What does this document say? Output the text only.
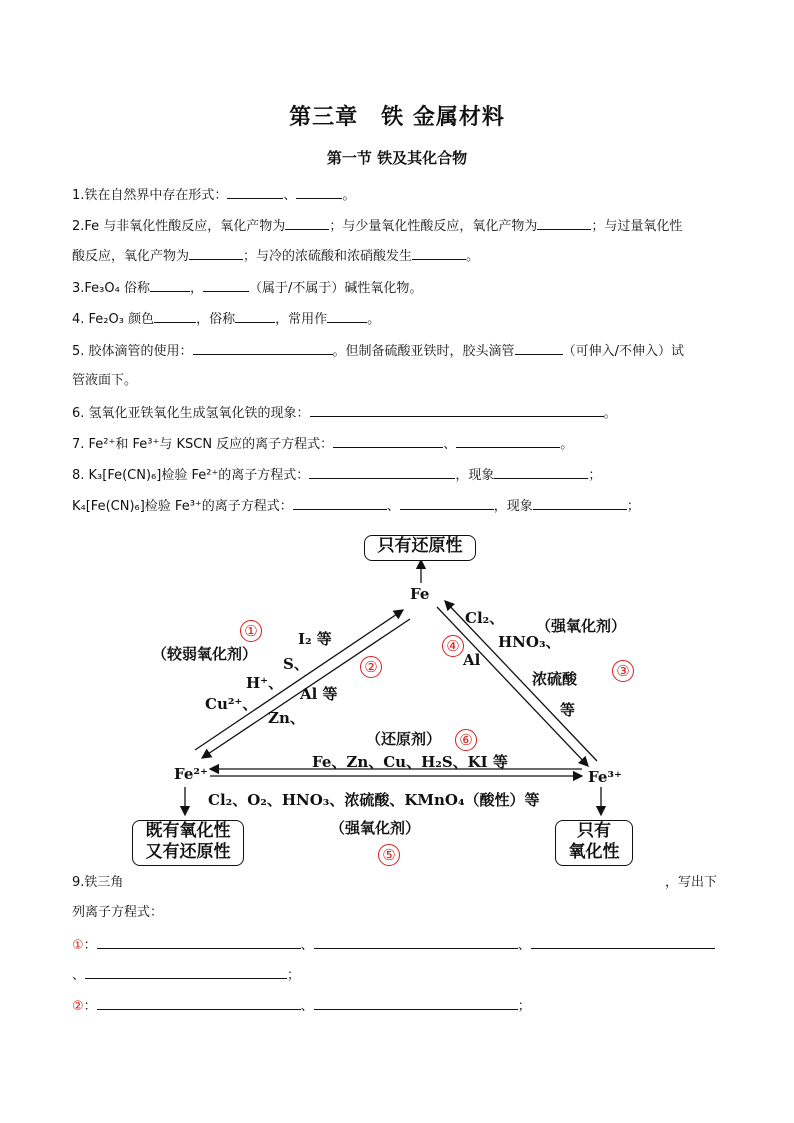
第三章　铁 金属材料
第一节 铁及其化合物
1.铁在自然界中存在形式：	、	。
2.Fe 与非氧化性酸反应，氧化产物为	；与少量氧化性酸反应，氧化产物为	；与过量氧化性
酸反应，氧化产物为	；与冷的浓硫酸和浓硝酸发生	。
3.Fe₃O₄ 俗称	，	（属于/不属于）碱性氧化物。
4. Fe₂O₃ 颜色	，俗称	，常用作	。
5. 胶体滴管的使用：	。但制备硫酸亚铁时，胶头滴管	（可伸入/不伸入）试
管液面下。
6. 氢氧化亚铁氧化生成氢氧化铁的现象：	。
7. Fe²⁺和 Fe³⁺与 KSCN 反应的离子方程式：	、	。
8. K₃[Fe(CN)₆]检验 Fe²⁺的离子方程式：	，现象	；
K₄[Fe(CN)₆]检验 Fe³⁺的离子方程式：	、	，现象	；
只有还原性
Fe
Fe²⁺	Fe³⁺
既有氧化性
又有还原性
只有
氧化性
（较弱氧化剂）
I₂ 等
S、
H⁺、
Cu²⁺、
Al 等
Zn、
Cl₂、
HNO₃、
（强氧化剂）
Al
浓硫酸
等
（还原剂）
Fe、Zn、Cu、H₂S、KI 等
Cl₂、O₂、HNO₃、浓硫酸、KMnO₄（酸性）等
（强氧化剂）
①
②	③
④
⑤
⑥
9.铁三角	，写出下
列离子方程式：
①：	、	、
、	；
②：	、	；
